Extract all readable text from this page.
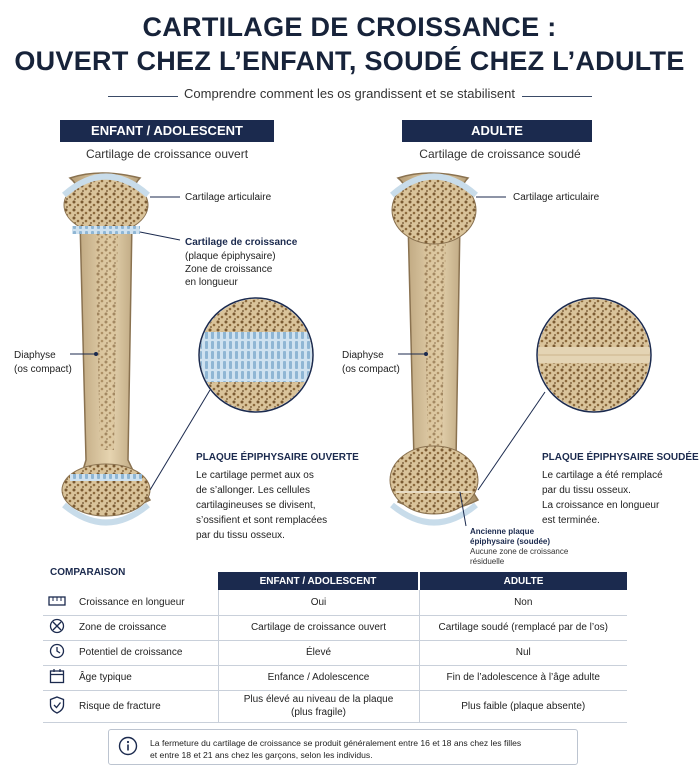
CARTILAGE DE CROISSANCE :
OUVERT CHEZ L’ENFANT, SOUDÉ CHEZ L’ADULTE
Comprendre comment les os grandissent et se stabilisent
ENFANT / ADOLESCENT
Cartilage de croissance ouvert
ADULTE
Cartilage de croissance soudé
Cartilage articulaire
Cartilage de croissance
(plaque épiphysaire)
Zone de croissance
en longueur
Diaphyse
(os compact)
PLAQUE ÉPIPHYSAIRE OUVERTE
Le cartilage permet aux os
de s’allonger. Les cellules
cartilagineuses se divisent,
s’ossifient et sont remplacées
par du tissu osseux.
Cartilage articulaire
Diaphyse
(os compact)
PLAQUE ÉPIPHYSAIRE SOUDÉE
Le cartilage a été remplacé
par du tissu osseux.
La croissance en longueur
est terminée.
Ancienne plaque
épiphysaire (soudée)
Aucune zone de croissance
résiduelle
COMPARAISON
		ENFANT / ADOLESCENT	ADULTE
	Croissance en longueur	Oui	Non
	Zone de croissance	Cartilage de croissance ouvert	Cartilage soudé (remplacé par de l’os)
	Potentiel de croissance	Élevé	Nul
	Âge typique	Enfance / Adolescence	Fin de l’adolescence à l’âge adulte
	Risque de fracture	Plus élevé au niveau de la plaque
(plus fragile)	Plus faible (plaque absente)
La fermeture du cartilage de croissance se produit généralement entre 16 et 18 ans chez les filles
et entre 18 et 21 ans chez les garçons, selon les individus.
